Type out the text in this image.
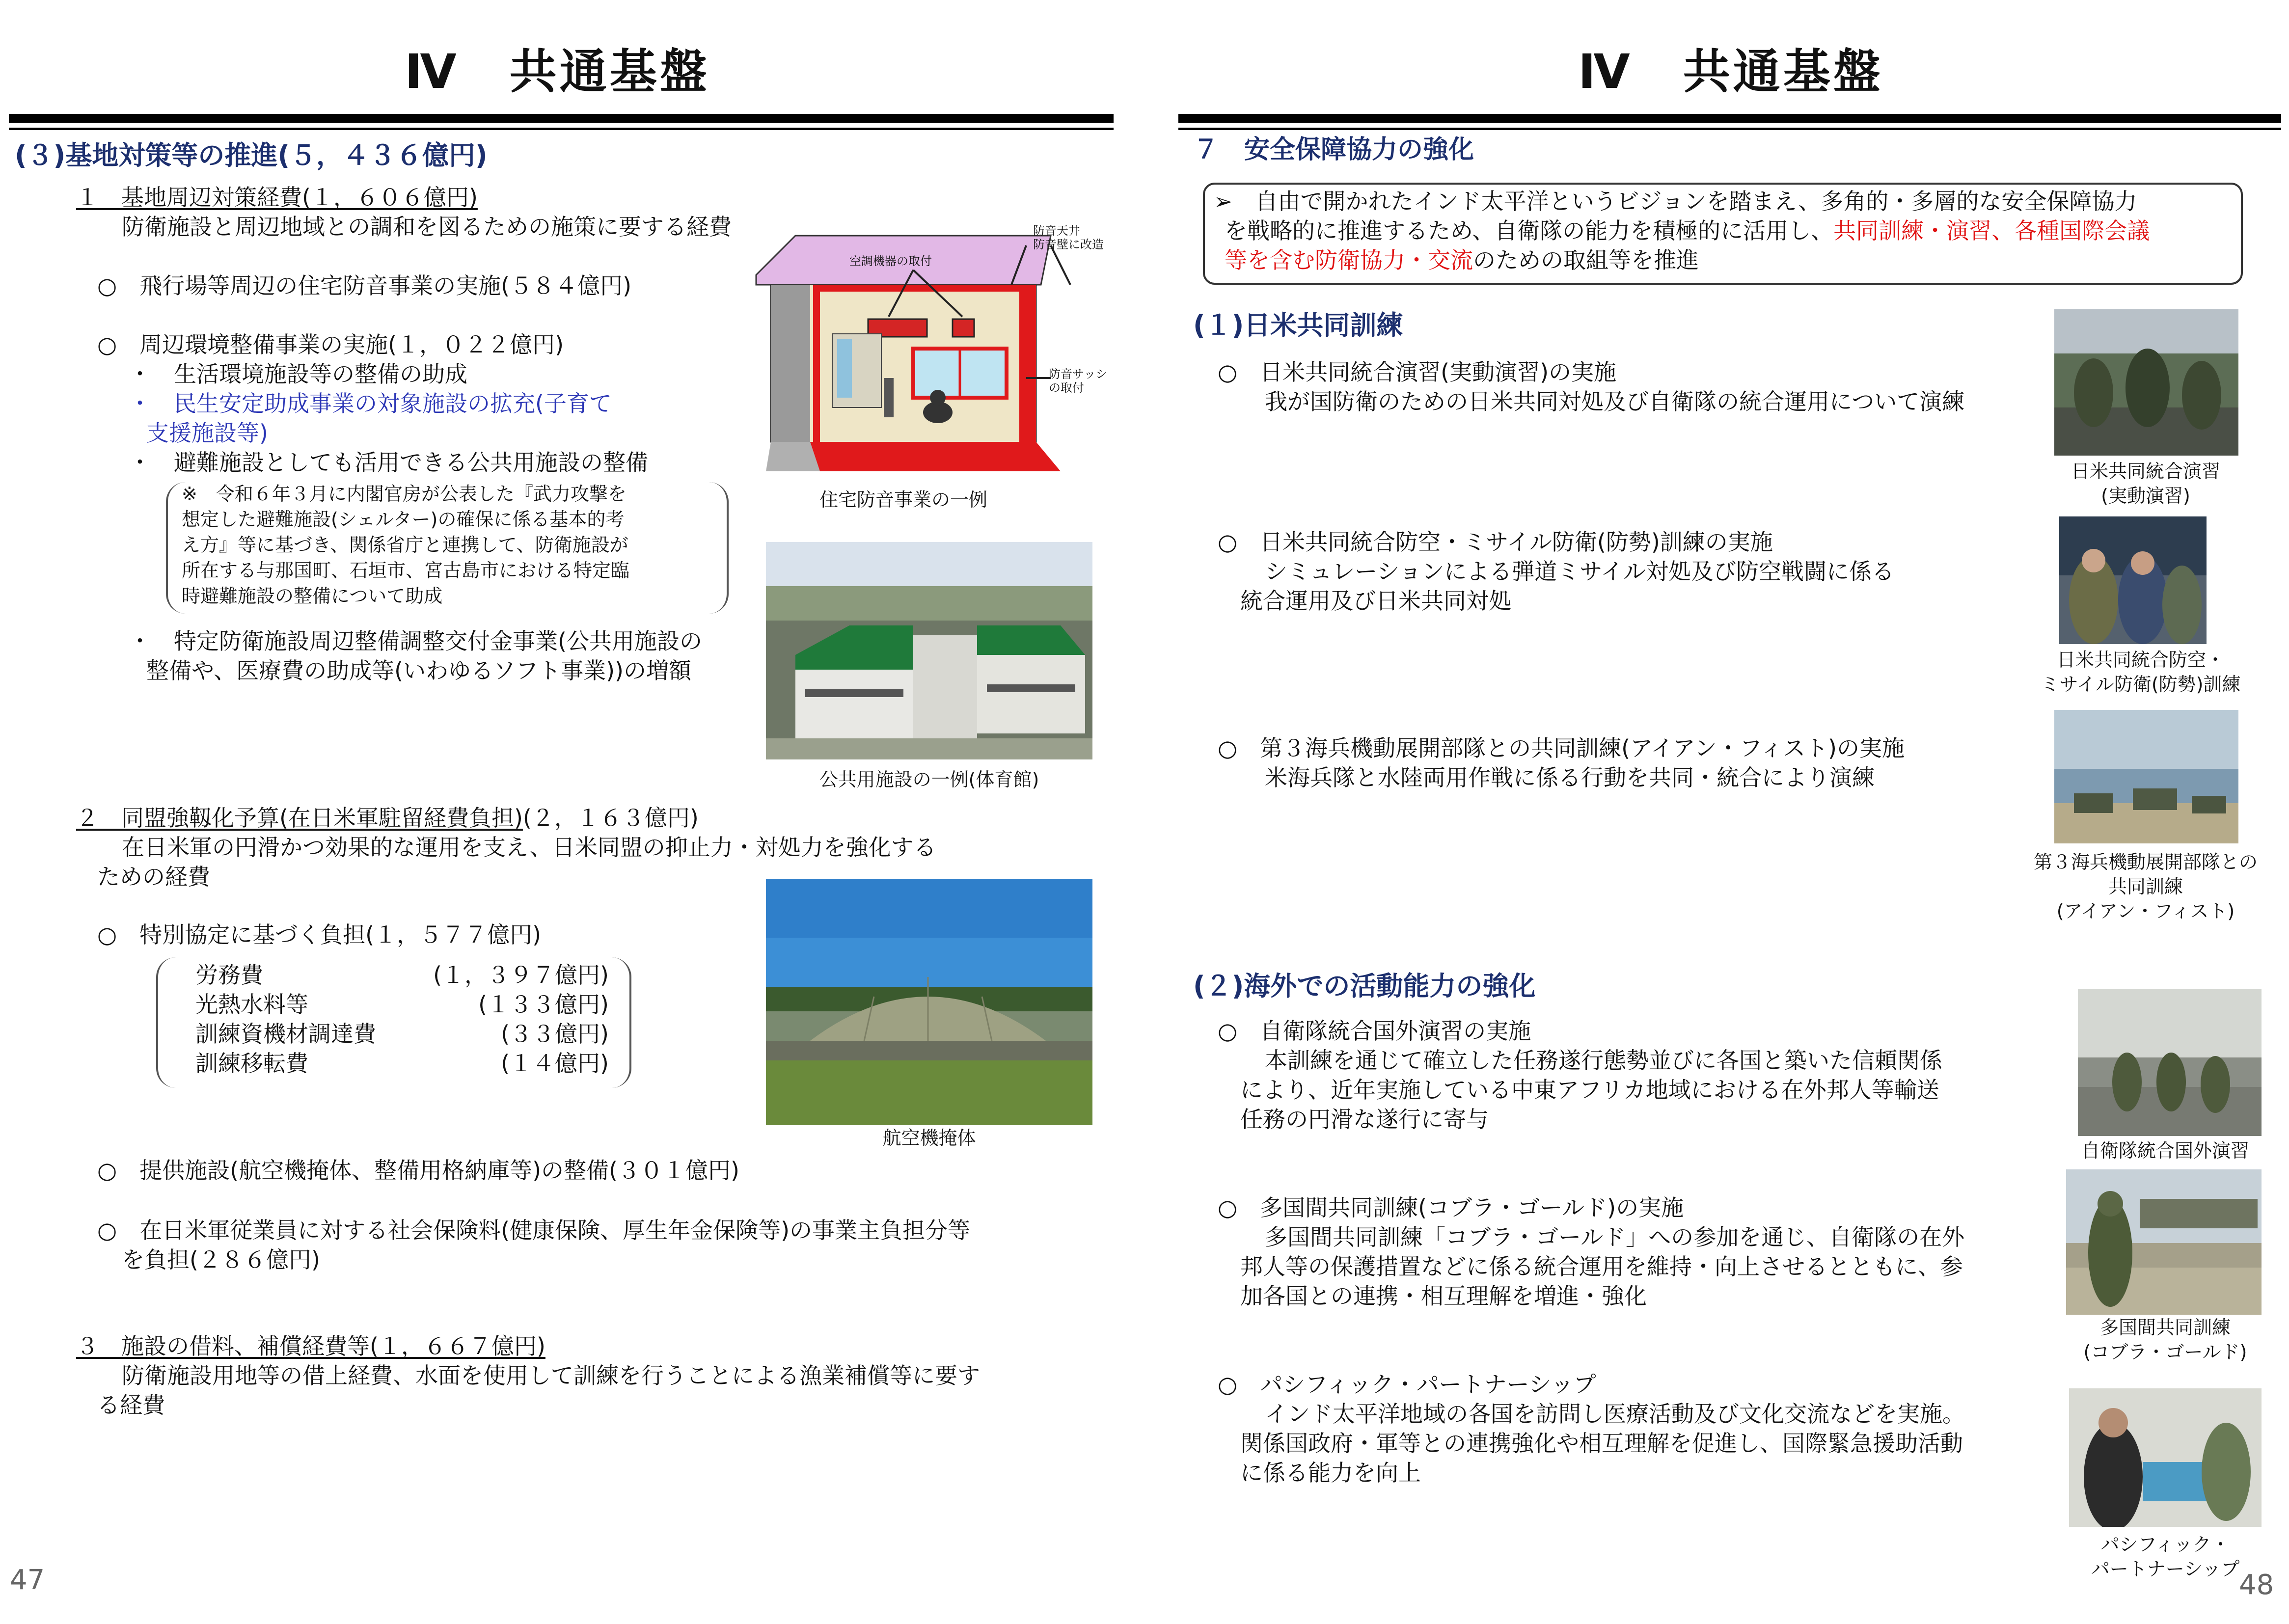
Ⅳ　共通基盤
(３)基地対策等の推進(５，４３６億円)
１　基地周辺対策経費(１，６０６億円)
防衛施設と周辺地域との調和を図るための施策に要する経費
○　飛行場等周辺の住宅防音事業の実施(５８４億円)
○　周辺環境整備事業の実施(１，０２２億円)
・　生活環境施設等の整備の助成
・　民生安定助成事業の対象施設の拡充(子育て
支援施設等)
・　避難施設としても活用できる公共用施設の整備
※　令和６年３月に内閣官房が公表した『武力攻撃を
想定した避難施設(シェルター)の確保に係る基本的考
え方』等に基づき、関係省庁と連携して、防衛施設が
所在する与那国町、石垣市、宮古島市における特定臨
時避難施設の整備について助成
・　特定防衛施設周辺整備調整交付金事業(公共用施設の
整備や、医療費の助成等(いわゆるソフト事業))の増額
空調機器の取付
防音天井
防音壁に改造
防音サッシ
の取付
住宅防音事業の一例
公共用施設の一例(体育館)
２　同盟強靱化予算(在日米軍駐留経費負担)(２，１６３億円)
在日米軍の円滑かつ効果的な運用を支え、日米同盟の抑止力・対処力を強化する
ための経費
○　特別協定に基づく負担(１，５７７億円)
労務費	(１，３９７億円)
光熱水料等	(１３３億円)
訓練資機材調達費	(３３億円)
訓練移転費	(１４億円)
航空機掩体
○　提供施設(航空機掩体、整備用格納庫等)の整備(３０１億円)
○　在日米軍従業員に対する社会保険料(健康保険、厚生年金保険等)の事業主負担分等
を負担(２８６億円)
３　施設の借料、補償経費等(１，６６７億円)
防衛施設用地等の借上経費、水面を使用して訓練を行うことによる漁業補償等に要す
る経費
47
Ⅳ　共通基盤
７　安全保障協力の強化
➢　自由で開かれたインド太平洋というビジョンを踏まえ、多角的・多層的な安全保障協力
を戦略的に推進するため、自衛隊の能力を積極的に活用し、共同訓練・演習、各種国際会議
等を含む防衛協力・交流のための取組等を推進
(１)日米共同訓練
○　日米共同統合演習(実動演習)の実施
我が国防衛のための日米共同対処及び自衛隊の統合運用について演練
日米共同統合演習
(実動演習)
○　日米共同統合防空・ミサイル防衛(防勢)訓練の実施
シミュレーションによる弾道ミサイル対処及び防空戦闘に係る
統合運用及び日米共同対処
日米共同統合防空・
ミサイル防衛(防勢)訓練
○　第３海兵機動展開部隊との共同訓練(アイアン・フィスト)の実施
米海兵隊と水陸両用作戦に係る行動を共同・統合により演練
第３海兵機動展開部隊との
共同訓練
(アイアン・フィスト)
(２)海外での活動能力の強化
○　自衛隊統合国外演習の実施
本訓練を通じて確立した任務遂行態勢並びに各国と築いた信頼関係
により、近年実施している中東アフリカ地域における在外邦人等輸送
任務の円滑な遂行に寄与
自衛隊統合国外演習
○　多国間共同訓練(コブラ・ゴールド)の実施
多国間共同訓練「コブラ・ゴールド」への参加を通じ、自衛隊の在外
邦人等の保護措置などに係る統合運用を維持・向上させるとともに、参
加各国との連携・相互理解を増進・強化
多国間共同訓練
(コブラ・ゴールド)
○　パシフィック・パートナーシップ
インド太平洋地域の各国を訪問し医療活動及び文化交流などを実施。
関係国政府・軍等との連携強化や相互理解を促進し、国際緊急援助活動
に係る能力を向上
パシフィック・
パートナーシップ
48
